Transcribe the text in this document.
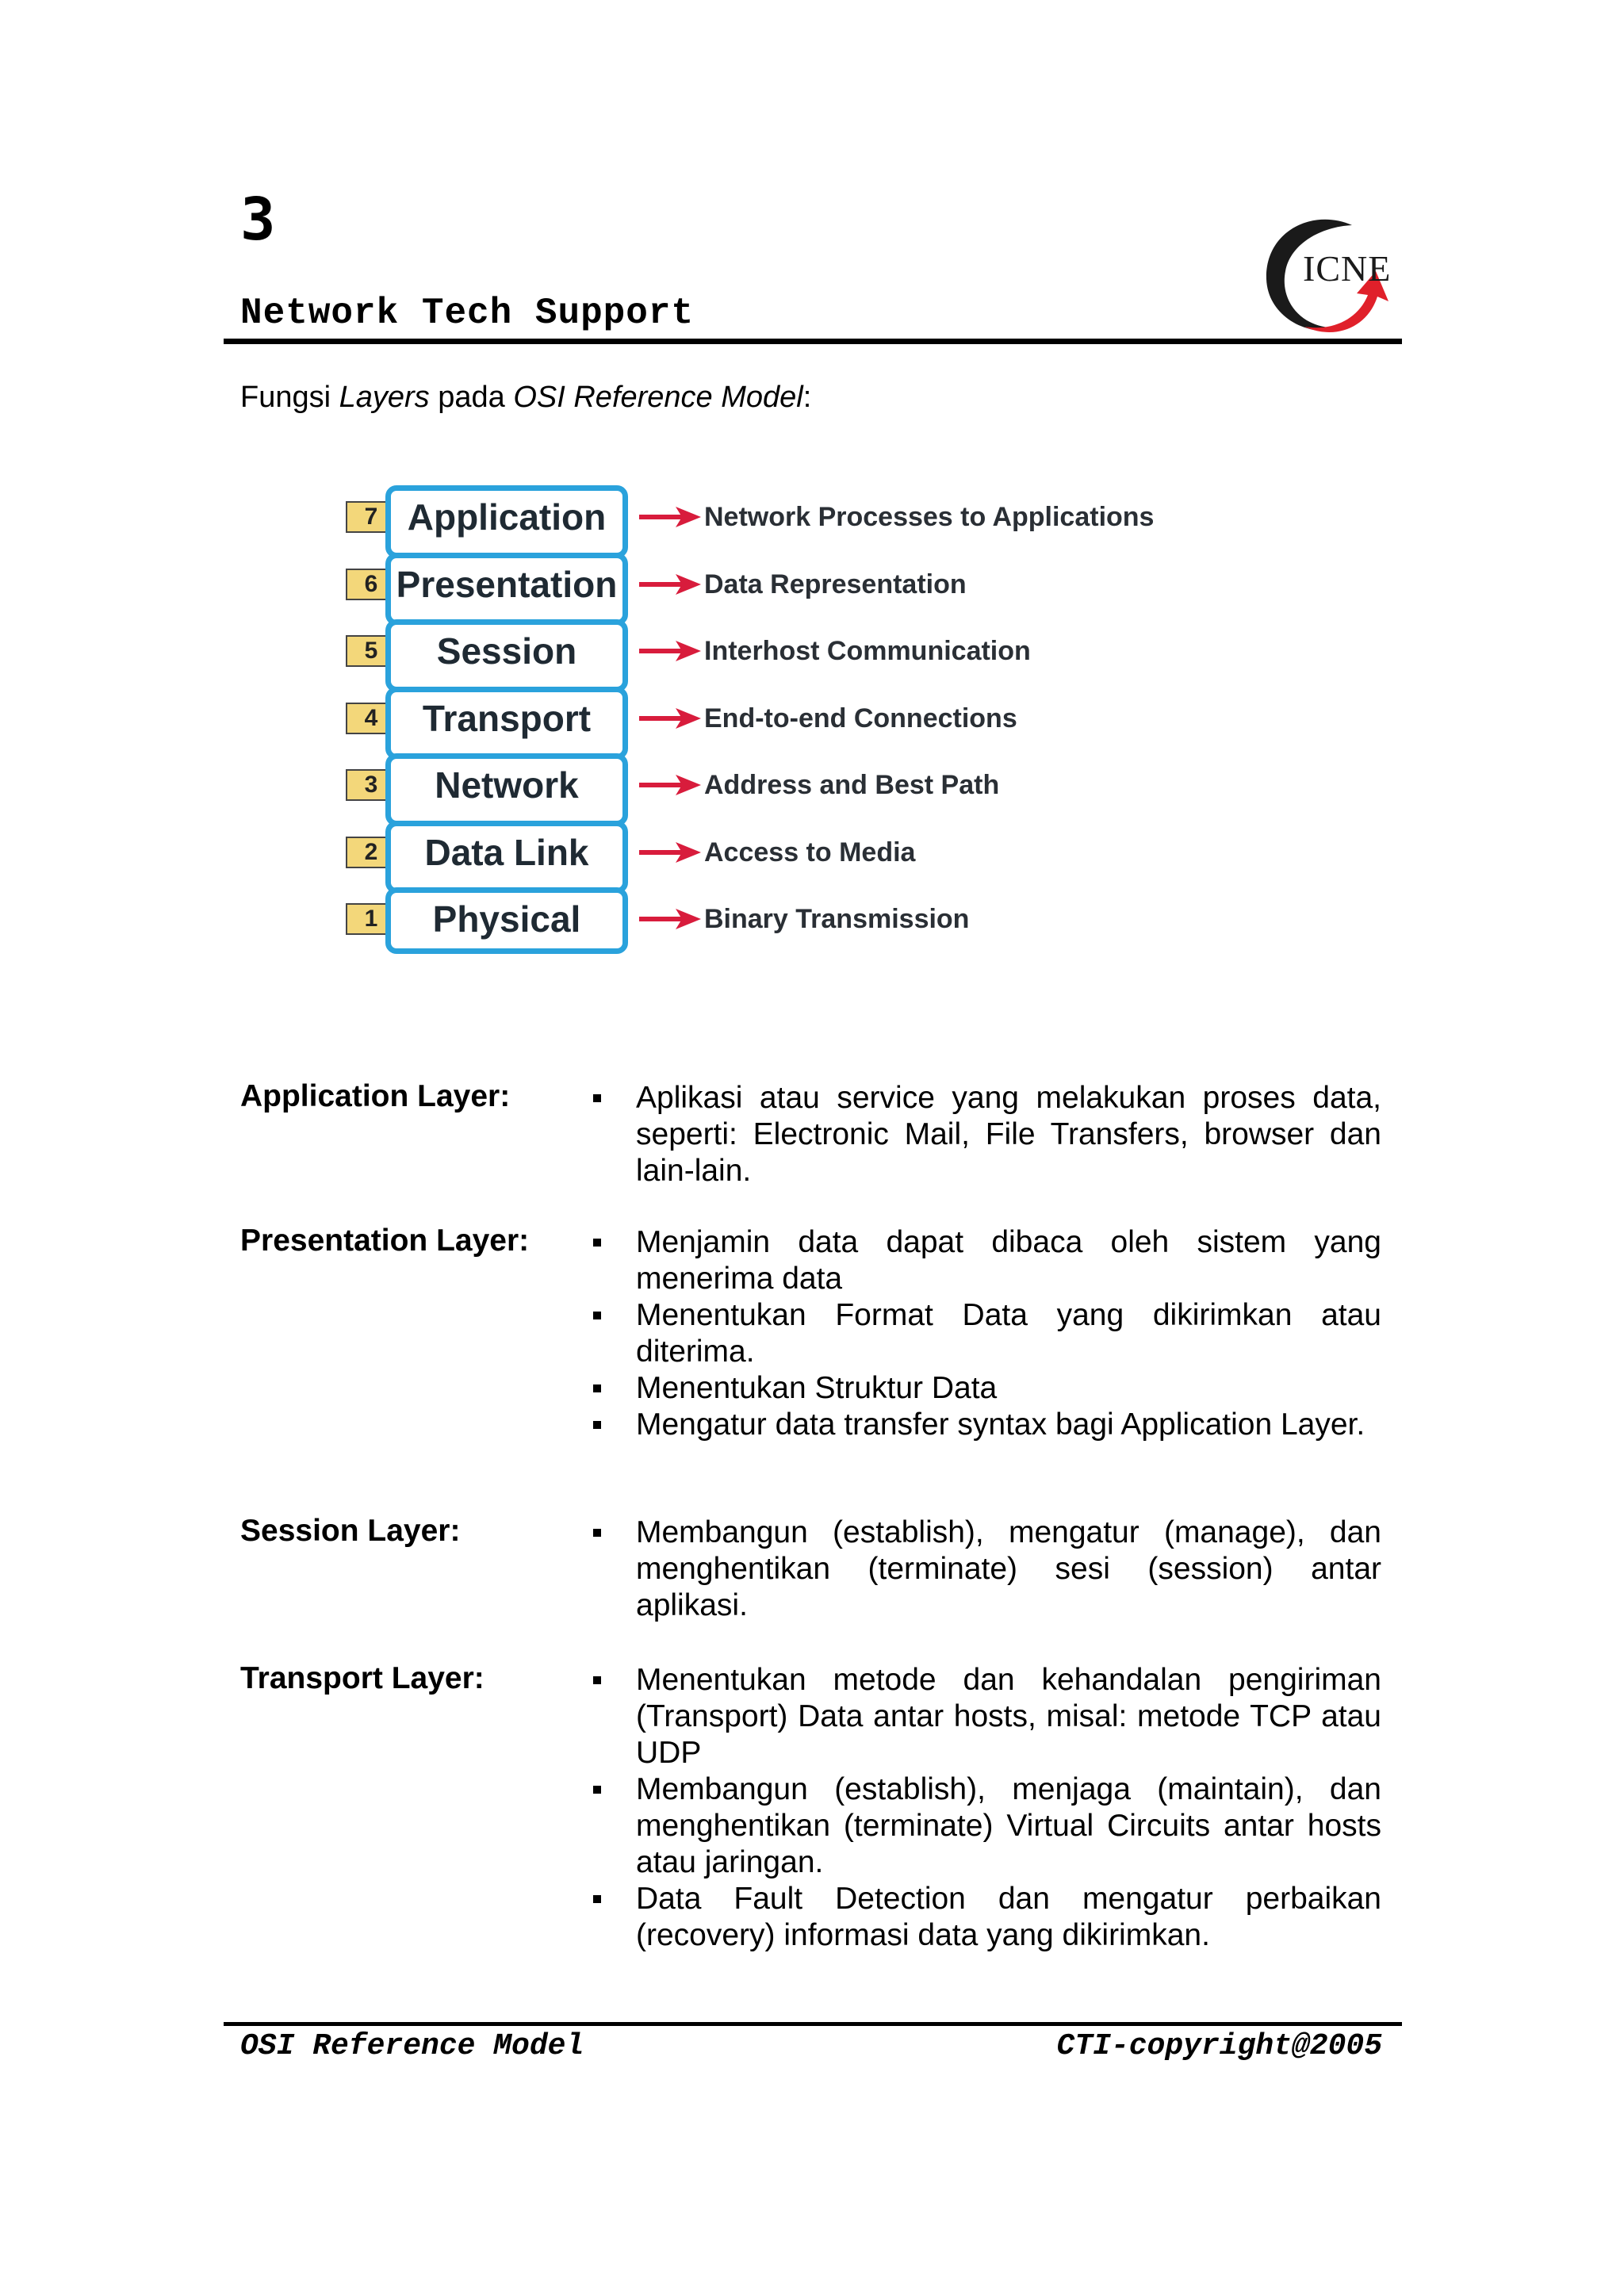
3
Network Tech Support
ICNE
Fungsi Layers pada OSI Reference Model:
7 Application	Network Processes to Applications
6 Presentation	Data Representation
5	Session	Interhost Communication
4	Transport	End-to-end Connections
3	Network	Address and Best Path
2	Data Link	Access to Media
1	Physical	Binary Transmission
Application Layer:	Aplikasi atau service yang melakukan proses data, seperti: Electronic Mail, File Transfers, browser dan lain-lain.
Presentation Layer:	Menjamin data dapat dibaca oleh sistem yang menerima data
Menentukan Format Data yang dikirimkan atau diterima.
Menentukan Struktur Data
Mengatur data transfer syntax bagi Application Layer.
Session Layer:	Membangun (establish), mengatur (manage), dan menghentikan (terminate) sesi (session) antar aplikasi.
Transport Layer:	Menentukan metode dan kehandalan pengiriman (Transport) Data antar hosts, misal: metode TCP atau UDP
Membangun (establish), menjaga (maintain), dan menghentikan (terminate) Virtual Circuits antar hosts atau jaringan.
Data Fault Detection dan mengatur perbaikan (recovery) informasi data yang dikirimkan.
OSI Reference Model	CTI-copyright@2005
